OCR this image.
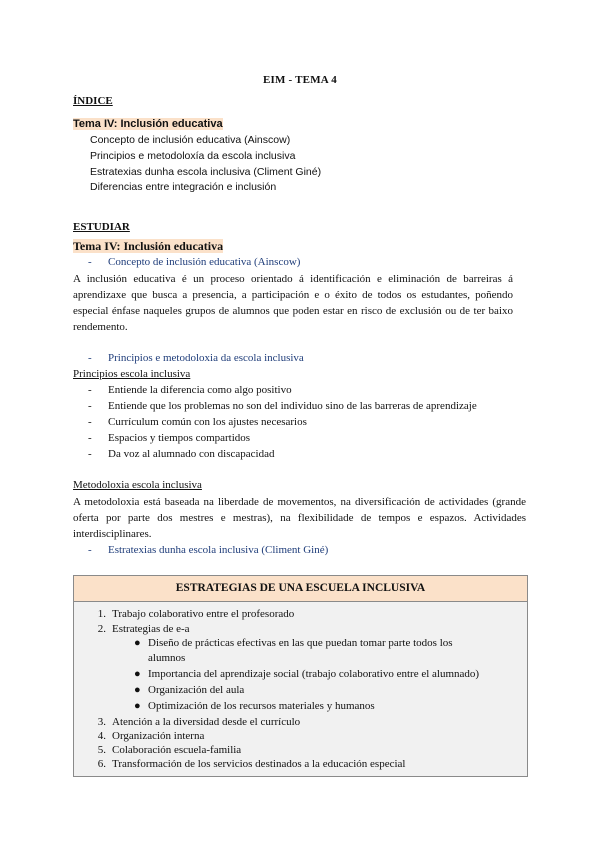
EIM - TEMA 4
ÍNDICE
Tema IV: Inclusión educativa
Concepto de inclusión educativa (Ainscow)
Principios e metodoloxía da escola inclusiva
Estratexias dunha escola inclusiva (Climent Giné)
Diferencias entre integración e inclusión
ESTUDIAR
Tema IV: Inclusión educativa
- Concepto de inclusión educativa (Ainscow)
A inclusión educativa é un proceso orientado á identificación e eliminación de barreiras á aprendizaxe que busca a presencia, a participación e o éxito de todos os estudantes, poñendo especial énfase naqueles grupos de alumnos que poden estar en risco de exclusión ou de ter baixo rendemento.
- Principios e metodoloxia da escola inclusiva
Principios escola inclusiva
- Entiende la diferencia como algo positivo
- Entiende que los problemas no son del individuo sino de las barreras de aprendizaje
- Currículum común con los ajustes necesarios
- Espacios y tiempos compartidos
- Da voz al alumnado con discapacidad
Metodoloxia escola inclusiva
A metodoloxia está baseada na liberdade de movementos, na diversificación de actividades (grande oferta por parte dos mestres e mestras), na flexibilidade de tempos e espazos. Actividades interdisciplinares.
- Estratexias dunha escola inclusiva (Climent Giné)
ESTRATEGIAS DE UNA ESCUELA INCLUSIVA
1. Trabajo colaborativo entre el profesorado
2. Estrategias de e-a
● Diseño de prácticas efectivas en las que puedan tomar parte todos los
alumnos
● Importancia del aprendizaje social (trabajo colaborativo entre el alumnado)
● Organización del aula
● Optimización de los recursos materiales y humanos
3. Atención a la diversidad desde el currículo
4. Organización interna
5. Colaboración escuela-familia
6. Transformación de los servicios destinados a la educación especial
